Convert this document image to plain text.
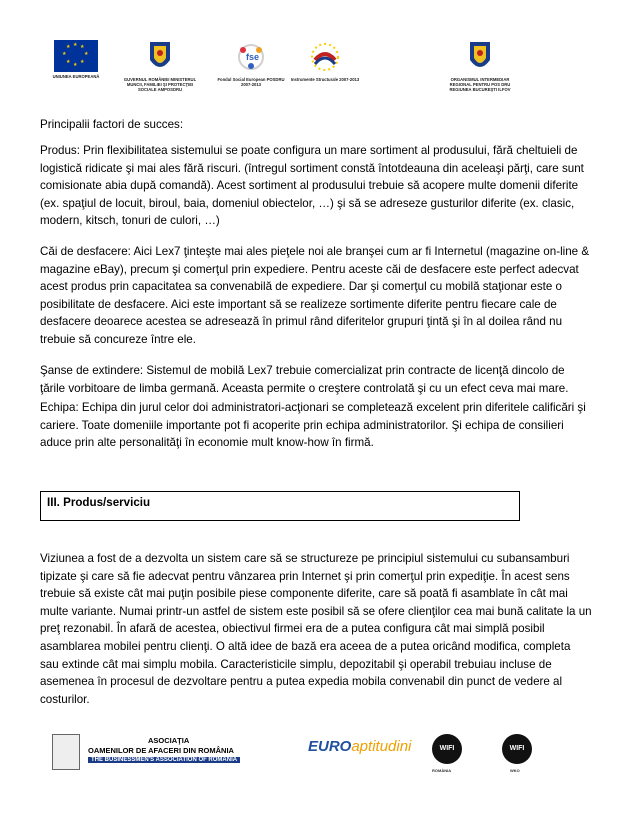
★ ★
★
★
★
★
★
★
UNIUNEA EUROPEANĂ
GUVERNUL ROMÂNIEI MINISTERUL MUNCII, FAMILIEI ŞI PROTECŢIEI SOCIALE AMPOSDRU
fse
Fondul Social European POSDRU 2007-2013
Instrumente Structurale 2007-2013	ORGANISMUL INTERMEDIAR REGIONAL PENTRU POS DRU REGIUNEA BUCUREŞTI ILFOV

Principalii factori de succes:

Produs: Prin flexibilitatea sistemului se poate configura un mare sortiment al produsului, fără cheltuieli de logistică ridicate şi mai ales fără riscuri. (întregul sortiment constă întotdeauna din aceleaşi părţi, care sunt comisionate abia după comandă). Acest sortiment al produsului trebuie să acopere multe domenii diferite (ex. spaţiul de locuit, biroul, baia, domeniul obiectelor, …) şi să se adreseze gusturilor diferite (ex. clasic, modern, kitsch, tonuri de culori, …)

Căi de desfacere: Aici Lex7 ţinteşte mai ales pieţele noi ale branşei cum ar fi Internetul (magazine on-line & magazine eBay), precum şi comerţul prin expediere. Pentru aceste căi de desfacere este perfect adecvat acest produs prin capacitatea sa convenabilă de expediere. Dar şi comerţul cu mobilă staţionar este o posibilitate de desfacere. Aici este important să se realizeze sortimente diferite pentru fiecare cale de desfacere deoarece acestea se adresează în primul rând diferitelor grupuri ţintă şi în al doilea rând nu trebuie să concureze între ele.

Şanse de extindere: Sistemul de mobilă Lex7 trebuie comercializat prin contracte de licenţă dincolo de ţările vorbitoare de limba germană. Aceasta permite o creştere controlată şi cu un efect ceva mai mare.

Echipa: Echipa din jurul celor doi administratori-acţionari se completează excelent prin diferitele calificări şi cariere. Toate domeniile importante pot fi acoperite prin echipa administratorilor. Şi echipa de consilieri aduce prin alte personalităţi în economie mult know-how în firmă.

III. Produs/serviciu

Viziunea a fost de a dezvolta un sistem care să se structureze pe principiul sistemului cu subansamburi tipizate şi care să fie adecvat pentru vânzarea prin Internet şi prin comerţul prin expediţie. În acest sens trebuie să existe cât mai puţin posibile piese componente diferite, care să poată fi asamblate în cât mai multe variante. Numai printr-un astfel de sistem este posibil să se ofere clienţilor cea mai bună calitate la un preţ rezonabil. În afară de acestea, obiectivul firmei era de a putea configura cât mai simplă posibil asamblarea mobilei pentru clienţi. O altă idee de bază era aceea de a putea oricând modifica, completa sau extinde cât mai simplu mobila. Caracteristicile simplu, depozitabil şi operabil trebuiau incluse de asemenea în procesul de dezvoltare pentru a putea expedia mobila convenabil din punct de vedere al costurilor.

ASOCIAŢIA
OAMENILOR DE AFACERI DIN ROMÂNIA
THE BUSINESSMEN'S ASSOCIATION OF ROMANIA
EUROaptitudini	WIFI
ROMÂNIA
WIFI
WKO
